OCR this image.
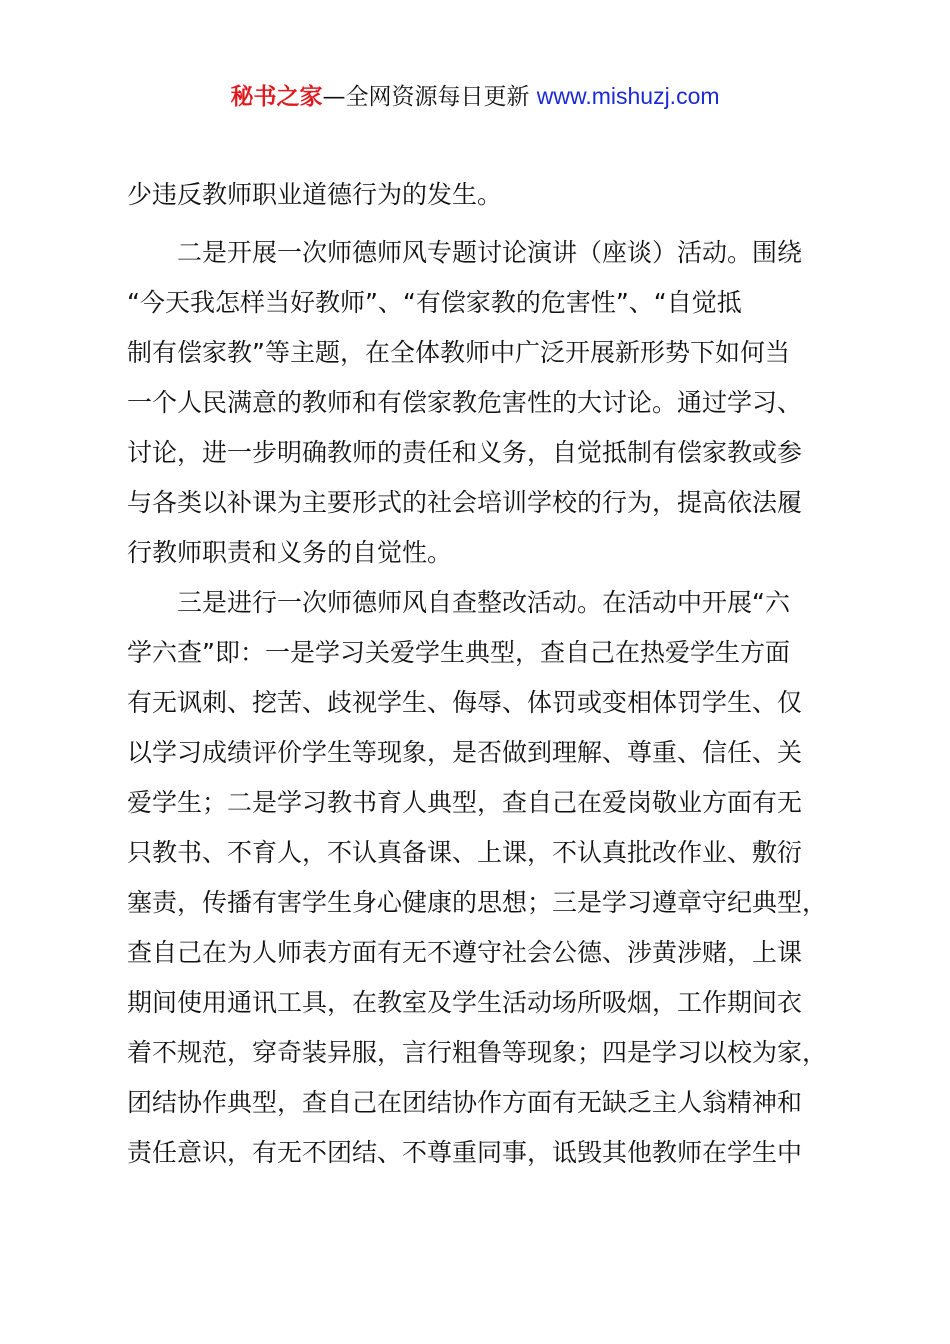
秘书之家—全网资源每日更新 www.mishuzj.com
少违反教师职业道德行为的发生。
二是开展一次师德师风专题讨论演讲（座谈）活动。围绕
“今天我怎样当好教师”、“有偿家教的危害性”、“自觉抵
制有偿家教”等主题，在全体教师中广泛开展新形势下如何当
一个人民满意的教师和有偿家教危害性的大讨论。通过学习、
讨论，进一步明确教师的责任和义务，自觉抵制有偿家教或参
与各类以补课为主要形式的社会培训学校的行为，提高依法履
行教师职责和义务的自觉性。
三是进行一次师德师风自查整改活动。在活动中开展“六
学六查”即：一是学习关爱学生典型，查自己在热爱学生方面
有无讽刺、挖苦、歧视学生、侮辱、体罚或变相体罚学生、仅
以学习成绩评价学生等现象，是否做到理解、尊重、信任、关
爱学生；二是学习教书育人典型，查自己在爱岗敬业方面有无
只教书、不育人，不认真备课、上课，不认真批改作业、敷衍
塞责，传播有害学生身心健康的思想；三是学习遵章守纪典型，
查自己在为人师表方面有无不遵守社会公德、涉黄涉赌，上课
期间使用通讯工具，在教室及学生活动场所吸烟，工作期间衣
着不规范，穿奇装异服，言行粗鲁等现象；四是学习以校为家，
团结协作典型，查自己在团结协作方面有无缺乏主人翁精神和
责任意识，有无不团结、不尊重同事，诋毁其他教师在学生中
